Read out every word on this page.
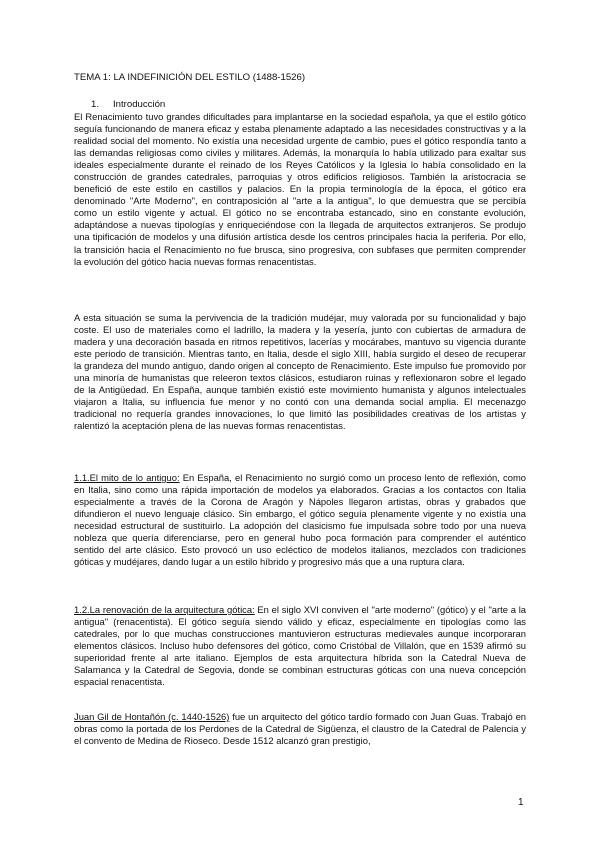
TEMA 1: LA INDEFINICIÓN DEL ESTILO (1488-1526)
1. Introducción

El Renacimiento tuvo grandes dificultades para implantarse en la sociedad española, ya que el estilo gótico seguía funcionando de manera eficaz y estaba plenamente adaptado a las necesidades constructivas y a la realidad social del momento. No existía una necesidad urgente de cambio, pues el gótico respondía tanto a las demandas religiosas como civiles y militares. Además, la monarquía lo había utilizado para exaltar sus ideales especialmente durante el reinado de los Reyes Católicos y la Iglesia lo había consolidado en la construcción de grandes catedrales, parroquias y otros edificios religiosos. También la aristocracia se benefició de este estilo en castillos y palacios. En la propia terminología de la época, el gótico era denominado "Arte Moderno", en contraposición al "arte a la antigua", lo que demuestra que se percibía como un estilo vigente y actual. El gótico no se encontraba estancado, sino en constante evolución, adaptándose a nuevas tipologías y enriqueciéndose con la llegada de arquitectos extranjeros. Se produjo una tipificación de modelos y una difusión artística desde los centros principales hacia la periferia. Por ello, la transición hacia el Renacimiento no fue brusca, sino progresiva, con subfases que permiten comprender la evolución del gótico hacia nuevas formas renacentistas.

A esta situación se suma la pervivencia de la tradición mudéjar, muy valorada por su funcionalidad y bajo coste. El uso de materiales como el ladrillo, la madera y la yesería, junto con cubiertas de armadura de madera y una decoración basada en ritmos repetitivos, lacerías y mocárabes, mantuvo su vigencia durante este periodo de transición. Mientras tanto, en Italia, desde el siglo XIII, había surgido el deseo de recuperar la grandeza del mundo antiguo, dando origen al concepto de Renacimiento. Este impulso fue promovido por una minoría de humanistas que releeron textos clásicos, estudiaron ruinas y reflexionaron sobre el legado de la Antigüedad. En España, aunque también existió este movimiento humanista y algunos intelectuales viajaron a Italia, su influencia fue menor y no contó con una demanda social amplia. El mecenazgo tradicional no requería grandes innovaciones, lo que limitó las posibilidades creativas de los artistas y ralentizó la aceptación plena de las nuevas formas renacentistas.

1.1.El mito de lo antiguo: En España, el Renacimiento no surgió como un proceso lento de reflexión, como en Italia, sino como una rápida importación de modelos ya elaborados. Gracias a los contactos con Italia especialmente a través de la Corona de Aragón y Nápoles llegaron artistas, obras y grabados que difundieron el nuevo lenguaje clásico. Sin embargo, el gótico seguía plenamente vigente y no existía una necesidad estructural de sustituirlo. La adopción del clasicismo fue impulsada sobre todo por una nueva nobleza que quería diferenciarse, pero en general hubo poca formación para comprender el auténtico sentido del arte clásico. Esto provocó un uso ecléctico de modelos italianos, mezclados con tradiciones góticas y mudéjares, dando lugar a un estilo híbrido y progresivo más que a una ruptura clara.

1.2.La renovación de la arquitectura gótica: En el siglo XVI conviven el "arte moderno" (gótico) y el "arte a la antigua" (renacentista). El gótico seguía siendo válido y eficaz, especialmente en tipologías como las catedrales, por lo que muchas construcciones mantuvieron estructuras medievales aunque incorporaran elementos clásicos. Incluso hubo defensores del gótico, como Cristóbal de Villalón, que en 1539 afirmó su superioridad frente al arte italiano. Ejemplos de esta arquitectura híbrida son la Catedral Nueva de Salamanca y la Catedral de Segovia, donde se combinan estructuras góticas con una nueva concepción espacial renacentista.

Juan Gil de Hontañón (c. 1440-1526) fue un arquitecto del gótico tardío formado con Juan Guas. Trabajó en obras como la portada de los Perdones de la Catedral de Sigüenza, el claustro de la Catedral de Palencia y el convento de Medina de Rioseco. Desde 1512 alcanzó gran prestigio,

1
